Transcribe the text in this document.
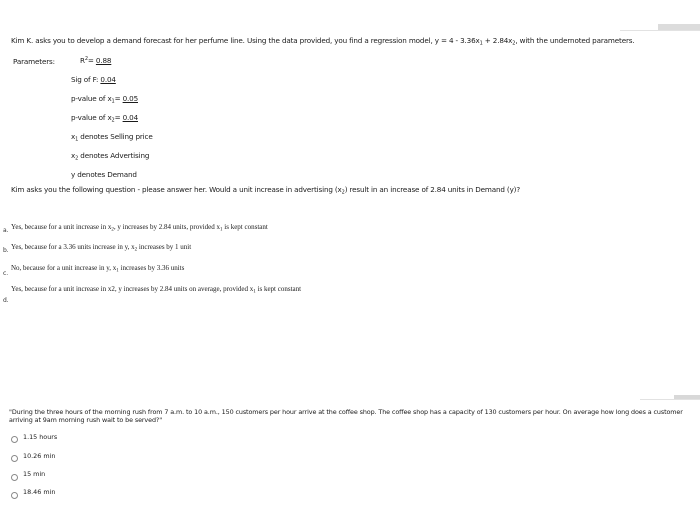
Kim K. asks you to develop a demand forecast for her perfume line. Using the data provided, you find a regression model, $y = 4 - 3.36x_1 + 2.84x_2$, with the undernoted parameters.
Parameters:	$R^2= 0.88$
Sig of F: 0.04
p-value of $x_1= 0.05$
p-value of $x_2= 0.04$
$x_1$ denotes Selling price
$x_2$ denotes Advertising
y denotes Demand
Kim asks you the following question - please answer her. Would a unit increase in advertising $(x_2)$ result in an increase of 2.84 units in Demand (y)?
a. Yes, because for a unit increase in $x_2$, y increases by 2.84 units, provided $x_1$ is kept constant
b. Yes, because for a 3.36 units increase in y, $x_2$ increases by 1 unit
c.
No, because for a unit increase in y, $x_1$ increases by 3.36 units
d.
Yes, because for a unit increase in x2, y increases by 2.84 units on average, provided $x_1$ is kept constant
"During the three hours of the morning rush from 7 a.m. to 10 a.m., 150 customers per hour arrive at the coffee shop. The coffee shop has a capacity of 130 customers per hour. On average how long does a customer arriving at 9am morning rush wait to be served?"
1.15 hours
10.26 min
15 min
18.46 min
